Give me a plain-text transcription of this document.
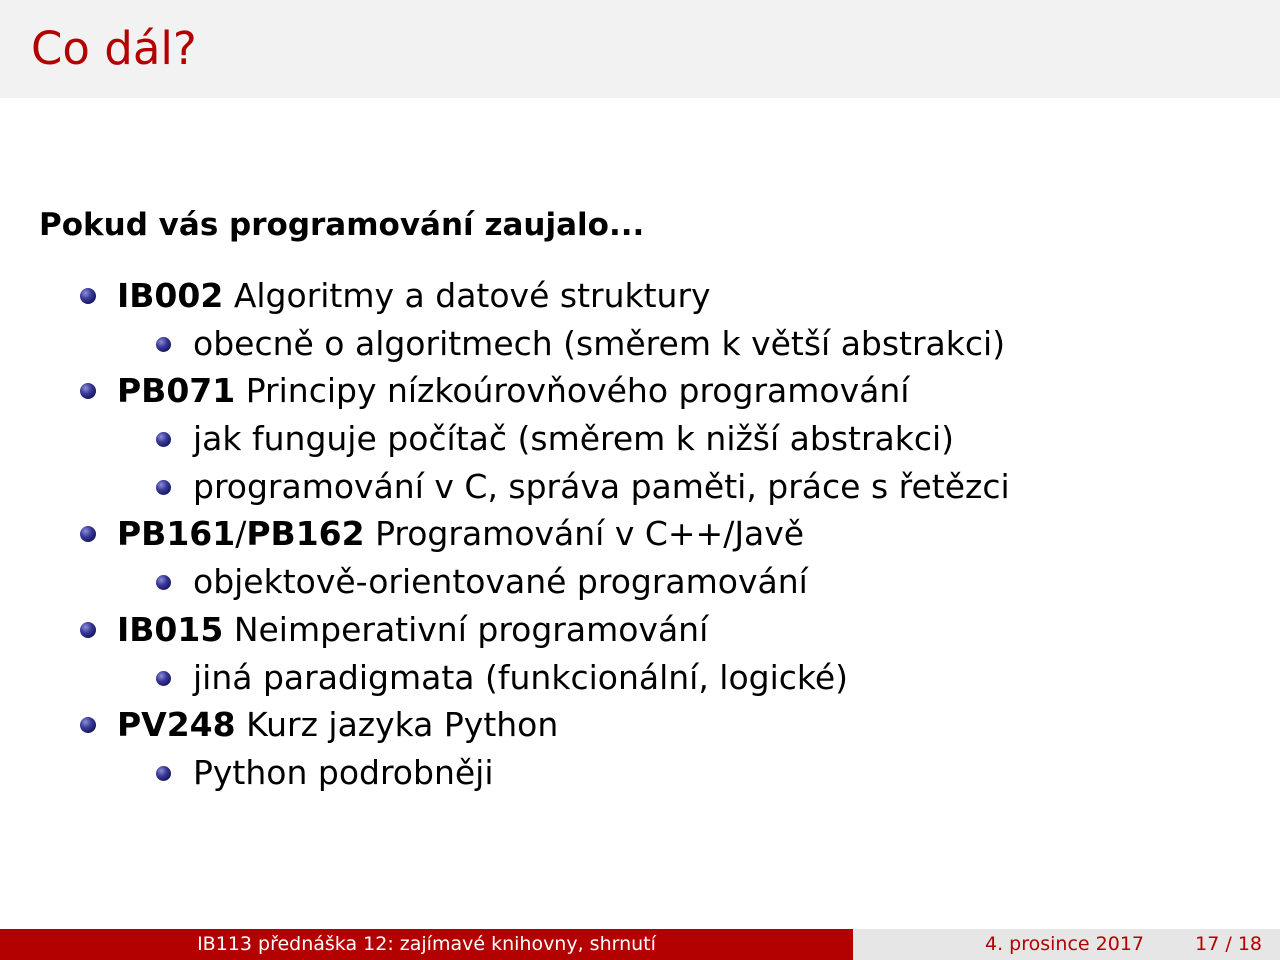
Co dál?
Pokud vás programování zaujalo...
IB002 Algoritmy a datové struktury
obecně o algoritmech (směrem k větší abstrakci)
PB071 Principy nízkoúrovňového programování
jak funguje počítač (směrem k nižší abstrakci)
programování v C, správa paměti, práce s řetězci
PB161/PB162 Programování v C++/Javě
objektově-orientované programování
IB015 Neimperativní programování
jiná paradigmata (funkcionální, logické)
PV248 Kurz jazyka Python
Python podrobněji
IB113 přednáška 12: zajímavé knihovny, shrnutí	4. prosince 2017	17 / 18
